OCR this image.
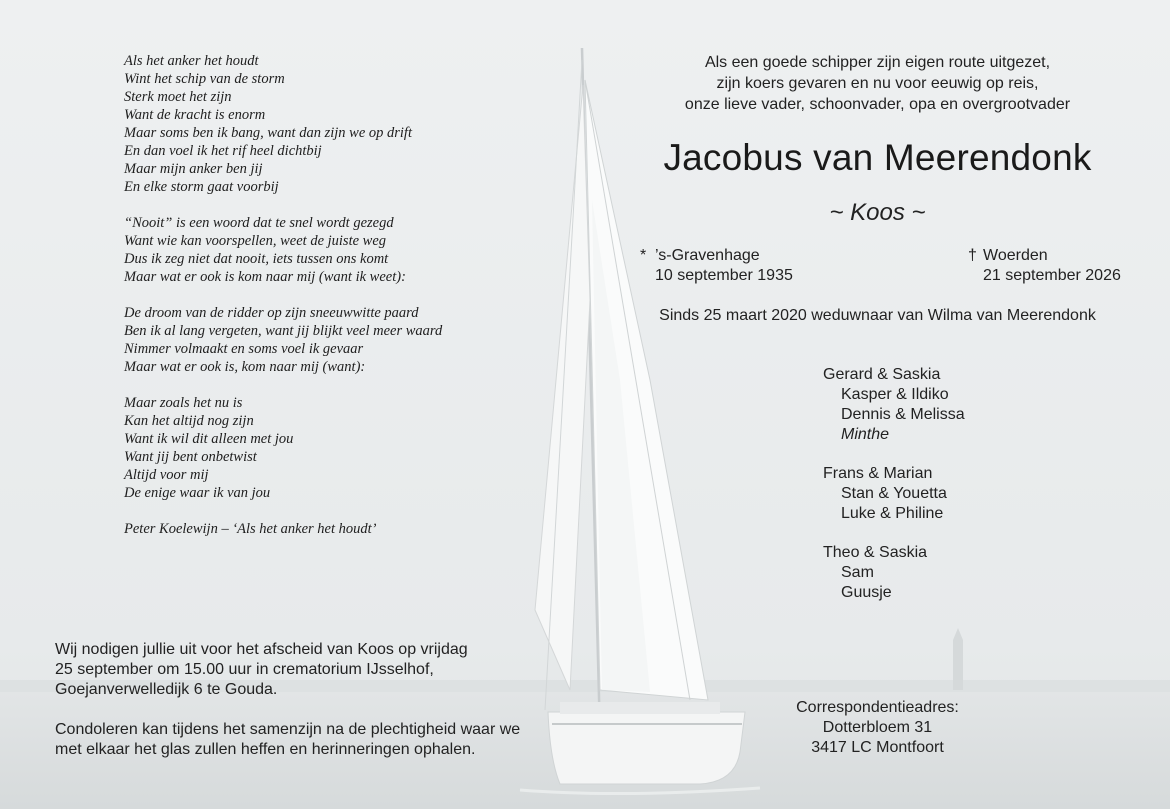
Als het anker het houdt
Wint het schip van de storm
Sterk moet het zijn
Want de kracht is enorm
Maar soms ben ik bang, want dan zijn we op drift
En dan voel ik het rif heel dichtbij
Maar mijn anker ben jij
En elke storm gaat voorbij
“Nooit” is een woord dat te snel wordt gezegd
Want wie kan voorspellen, weet de juiste weg
Dus ik zeg niet dat nooit, iets tussen ons komt
Maar wat er ook is kom naar mij (want ik weet):
De droom van de ridder op zijn sneeuwwitte paard
Ben ik al lang vergeten, want jij blijkt veel meer waard
Nimmer volmaakt en soms voel ik gevaar
Maar wat er ook is, kom naar mij (want):
Maar zoals het nu is
Kan het altijd nog zijn
Want ik wil dit alleen met jou
Want jij bent onbetwist
Altijd voor mij
De enige waar ik van jou
Peter Koelewijn – ‘Als het anker het houdt’
Als een goede schipper zijn eigen route uitgezet,
zijn koers gevaren en nu voor eeuwig op reis,
onze lieve vader, schoonvader, opa en overgrootvader
Jacobus van Meerendonk
~ Koos ~
* ’s-Gravenhage
10 september 1935
† Woerden
21 september 2026
Sinds 25 maart 2020 weduwnaar van Wilma van Meerendonk
Gerard & Saskia
Kasper & Ildiko
Dennis & Melissa
Minthe
Frans & Marian
Stan & Youetta
Luke & Philine
Theo & Saskia
Sam
Guusje

Wij nodigen jullie uit voor het afscheid van Koos op vrijdag
25 september om 15.00 uur in crematorium IJsselhof,
Goejanverwelledijk 6 te Gouda.

Condoleren kan tijdens het samenzijn na de plechtigheid waar we
met elkaar het glas zullen heffen en herinneringen ophalen.

Correspondentieadres:
Dotterbloem 31
3417 LC Montfoort
